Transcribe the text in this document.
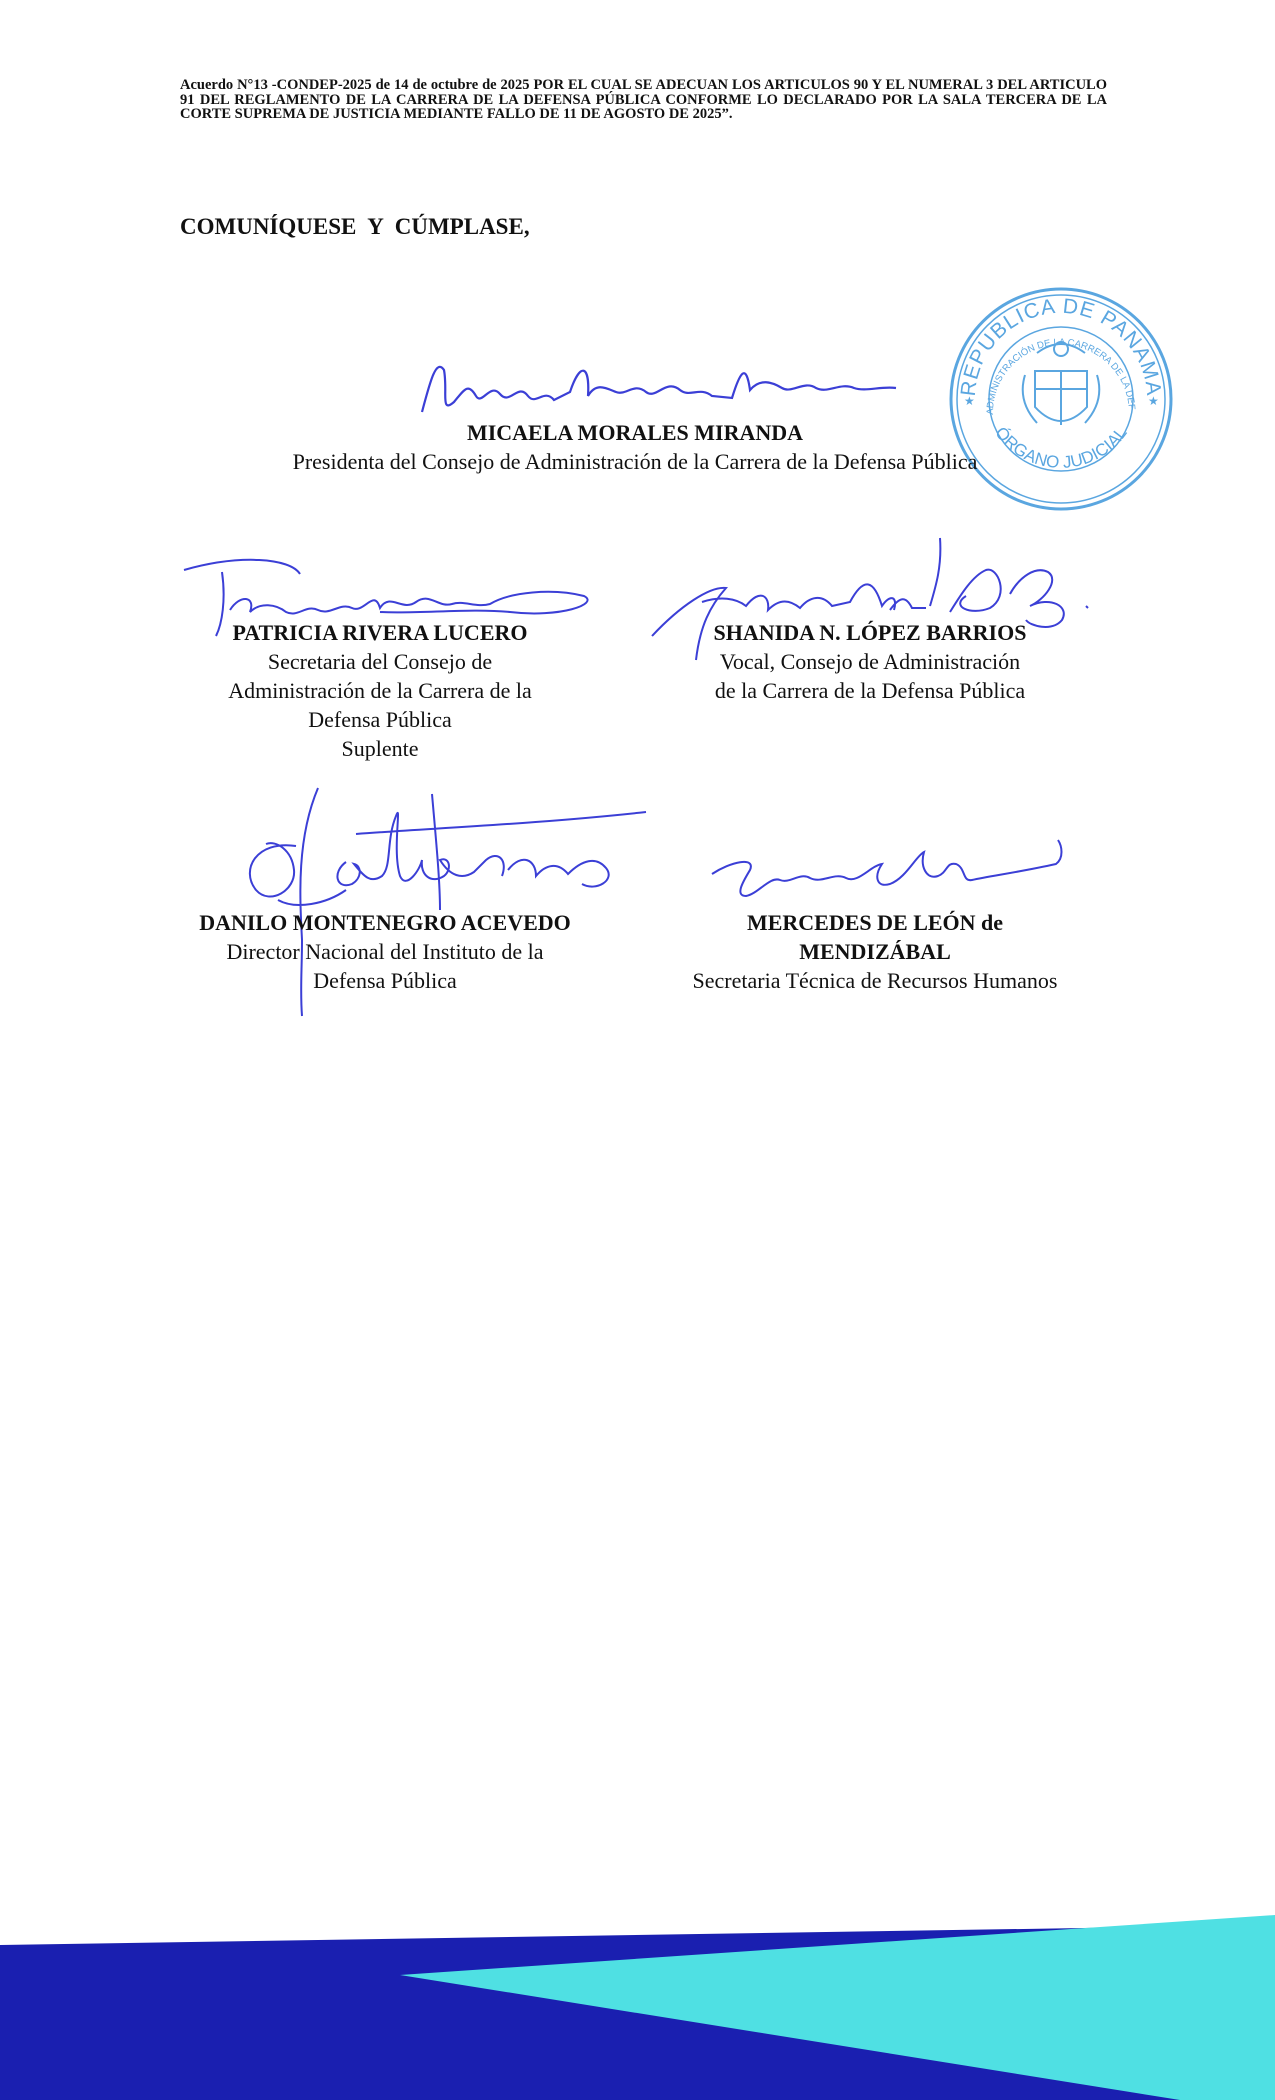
Acuerdo N°13 -CONDEP-2025 de 14 de octubre de 2025 POR EL CUAL SE ADECUAN LOS ARTICULOS 90 Y EL NUMERAL 3 DEL ARTICULO 91 DEL REGLAMENTO DE LA CARRERA DE LA DEFENSA PÚBLICA CONFORME LO DECLARADO POR LA SALA TERCERA DE LA CORTE SUPREMA DE JUSTICIA MEDIANTE FALLO DE 11 DE AGOSTO DE 2025”.
COMUNÍQUESE Y CÚMPLASE,
REPUBLICA DE PANAMA
ADMINISTRACIÓN DE LA CARRERA DE LA DEF
ÓRGANO JUDICIAL
★	★
MICAELA MORALES MIRANDA
Presidenta del Consejo de Administración de la Carrera de la Defensa Pública
PATRICIA RIVERA LUCERO
Secretaria del Consejo de
Administración de la Carrera de la
Defensa Pública
Suplente
SHANIDA N. LÓPEZ BARRIOS
Vocal, Consejo de Administración
de la Carrera de la Defensa Pública
DANILO MONTENEGRO ACEVEDO
Director Nacional del Instituto de la
Defensa Pública
MERCEDES DE LEÓN de
MENDIZÁBAL
Secretaria Técnica de Recursos Humanos
